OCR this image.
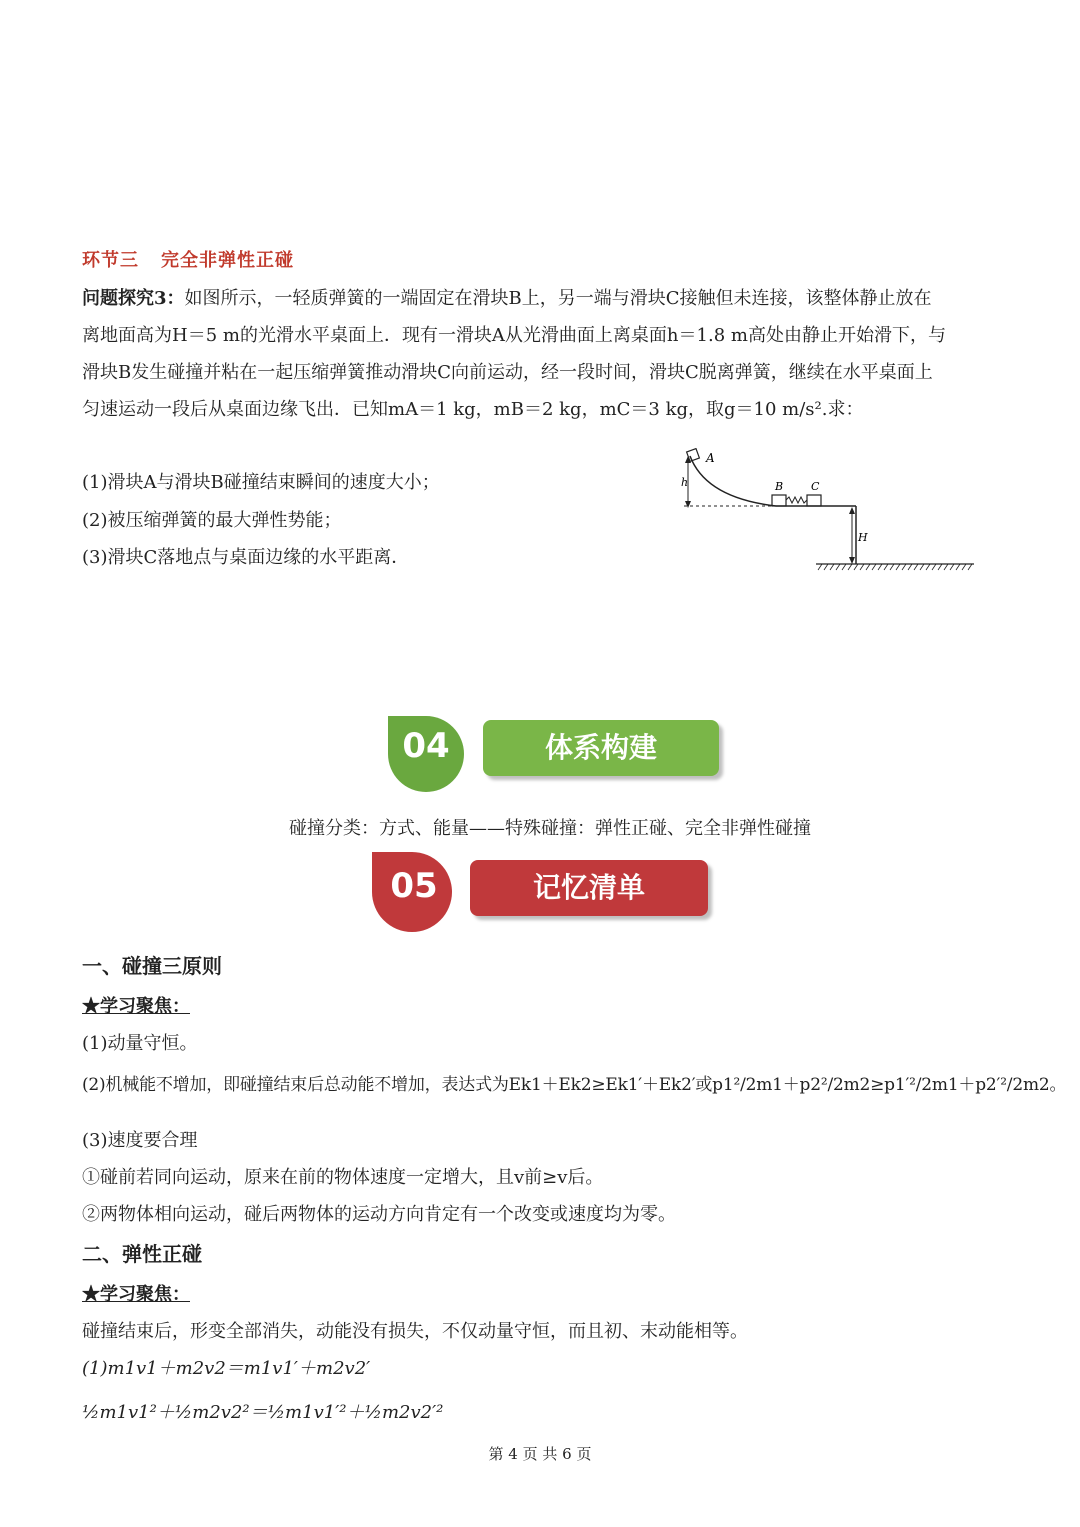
环节三 完全非弹性正碰

问题探究3：如图所示，一轻质弹簧的一端固定在滑块B上，另一端与滑块C接触但未连接，该整体静止放在

离地面高为H＝5 m的光滑水平桌面上．现有一滑块A从光滑曲面上离桌面h＝1.8 m高处由静止开始滑下，与

滑块B发生碰撞并粘在一起压缩弹簧推动滑块C向前运动，经一段时间，滑块C脱离弹簧，继续在水平桌面上

匀速运动一段后从桌面边缘飞出．已知mA＝1 kg，mB＝2 kg，mC＝3 kg，取g＝10 m/s².求：

(1)滑块A与滑块B碰撞结束瞬间的速度大小；
(2)被压缩弹簧的最大弹性势能；
(3)滑块C落地点与桌面边缘的水平距离．
A
h	B	C
H
04	体系构建
碰撞分类：方式、能量——特殊碰撞：弹性正碰、完全非弹性碰撞
05	记忆清单
一、碰撞三原则
★学习聚焦：
(1)动量守恒。
(2)机械能不增加，即碰撞结束后总动能不增加，表达式为Ek1＋Ek2≥Ek1′＋Ek2′或p1²/2m1＋p2²/2m2≥p1′²/2m1＋p2′²/2m2。
(3)速度要合理
①碰前若同向运动，原来在前的物体速度一定增大，且v前≥v后。
②两物体相向运动，碰后两物体的运动方向肯定有一个改变或速度均为零。
二、弹性正碰
★学习聚焦：
碰撞结束后，形变全部消失，动能没有损失，不仅动量守恒，而且初、末动能相等。
(1)m1v1＋m2v2＝m1v1′＋m2v2′
½m1v1²＋½m2v2²＝½m1v1′²＋½m2v2′²
第 4 页 共 6 页
